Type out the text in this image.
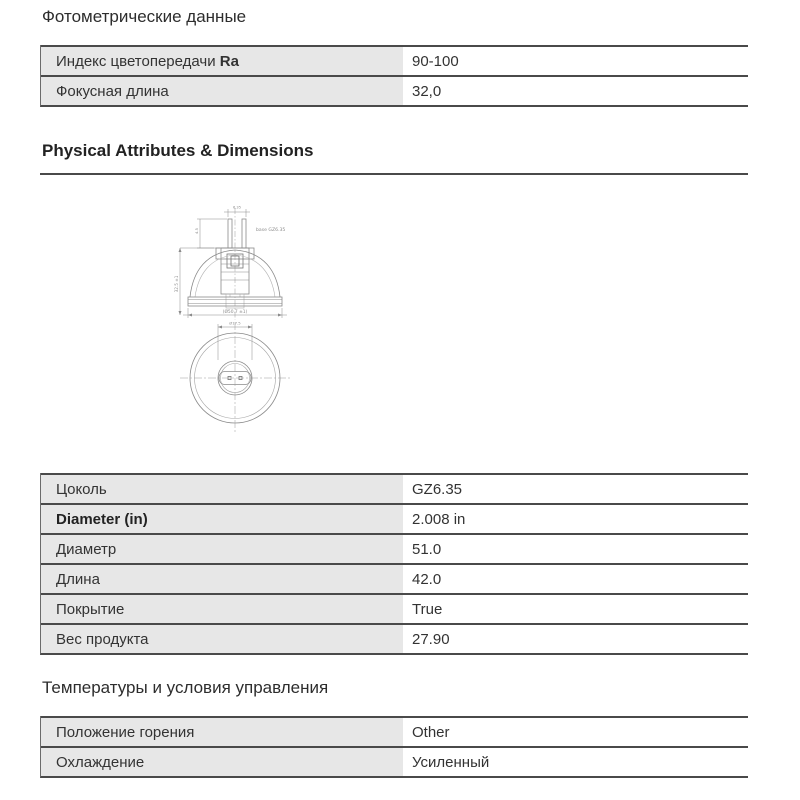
Фотометрические данные
Индекс цветопередачи Ra	90-100
Фокусная длина	32,0
Physical Attributes & Dimensions
base GZ6.35
(Ø50.7 ±1)
32.5 ±1
6.35
4.5
Ø17.5
Цоколь	GZ6.35
Diameter (in)	2.008 in
Диаметр	51.0
Длина	42.0
Покрытие	True
Вес продукта	27.90
Температуры и условия управления
Положение горения	Other
Охлаждение	Усиленный
